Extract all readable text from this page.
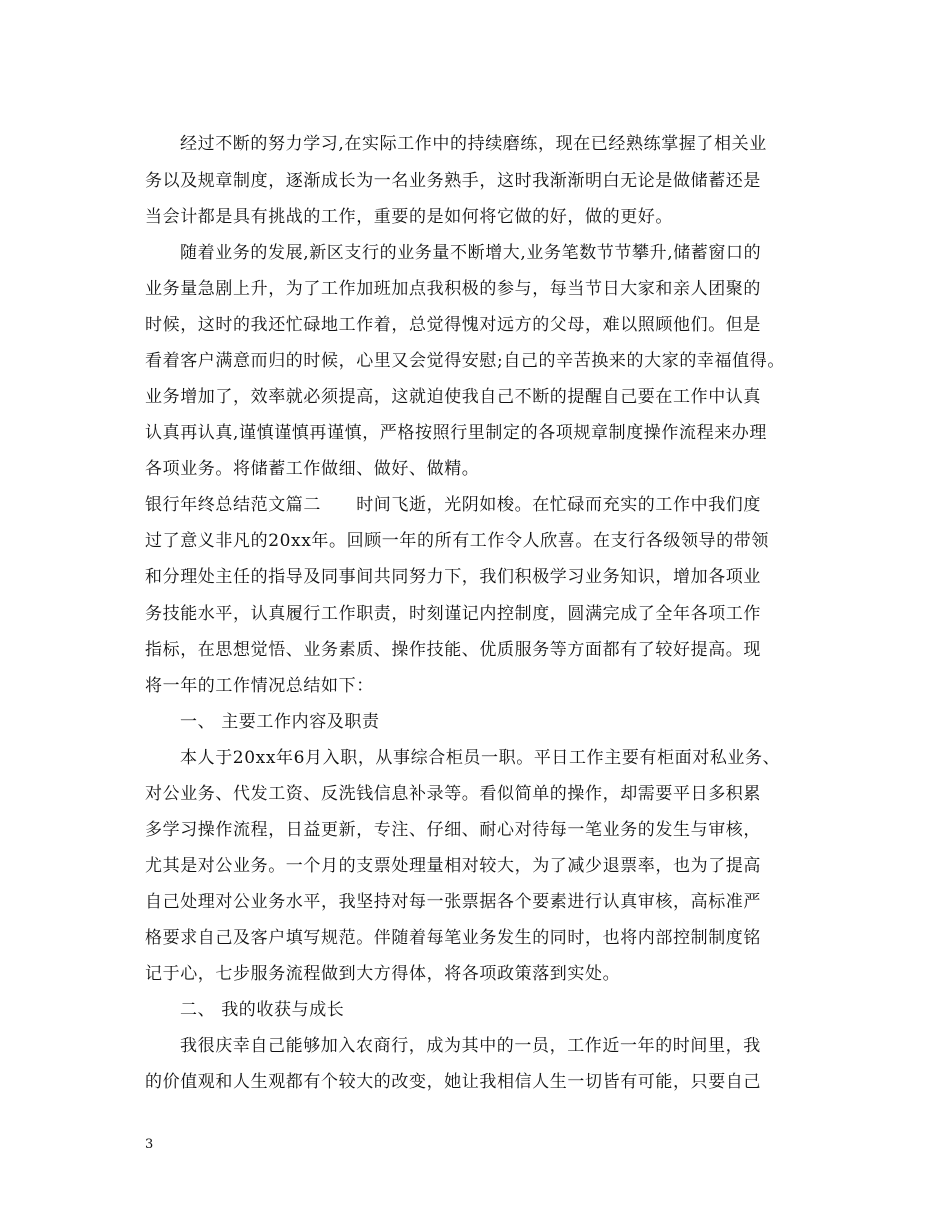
经过不断的努力学习,在实际工作中的持续磨练，现在已经熟练掌握了相关业
务以及规章制度，逐渐成长为一名业务熟手，这时我渐渐明白无论是做储蓄还是
当会计都是具有挑战的工作，重要的是如何将它做的好，做的更好。
随着业务的发展,新区支行的业务量不断增大,业务笔数节节攀升,储蓄窗口的
业务量急剧上升，为了工作加班加点我积极的参与，每当节日大家和亲人团聚的
时候，这时的我还忙碌地工作着，总觉得愧对远方的父母，难以照顾他们。但是
看着客户满意而归的时候，心里又会觉得安慰;自己的辛苦换来的大家的幸福值得。
业务增加了，效率就必须提高，这就迫使我自己不断的提醒自己要在工作中认真
认真再认真,谨慎谨慎再谨慎，严格按照行里制定的各项规章制度操作流程来办理
各项业务。将储蓄工作做细、做好、做精。
银行年终总结范文篇二　　时间飞逝，光阴如梭。在忙碌而充实的工作中我们度
过了意义非凡的20xx年。回顾一年的所有工作令人欣喜。在支行各级领导的带领
和分理处主任的指导及同事间共同努力下，我们积极学习业务知识，增加各项业
务技能水平，认真履行工作职责，时刻谨记内控制度，圆满完成了全年各项工作
指标，在思想觉悟、业务素质、操作技能、优质服务等方面都有了较好提高。现
将一年的工作情况总结如下：
一、 主要工作内容及职责
本人于20xx年6月入职，从事综合柜员一职。平日工作主要有柜面对私业务、
对公业务、代发工资、反洗钱信息补录等。看似简单的操作，却需要平日多积累
多学习操作流程，日益更新，专注、仔细、耐心对待每一笔业务的发生与审核，
尤其是对公业务。一个月的支票处理量相对较大，为了减少退票率，也为了提高
自己处理对公业务水平，我坚持对每一张票据各个要素进行认真审核，高标准严
格要求自己及客户填写规范。伴随着每笔业务发生的同时，也将内部控制制度铭
记于心，七步服务流程做到大方得体，将各项政策落到实处。
二、 我的收获与成长
我很庆幸自己能够加入农商行，成为其中的一员，工作近一年的时间里，我
的价值观和人生观都有个较大的改变，她让我相信人生一切皆有可能，只要自己
3
